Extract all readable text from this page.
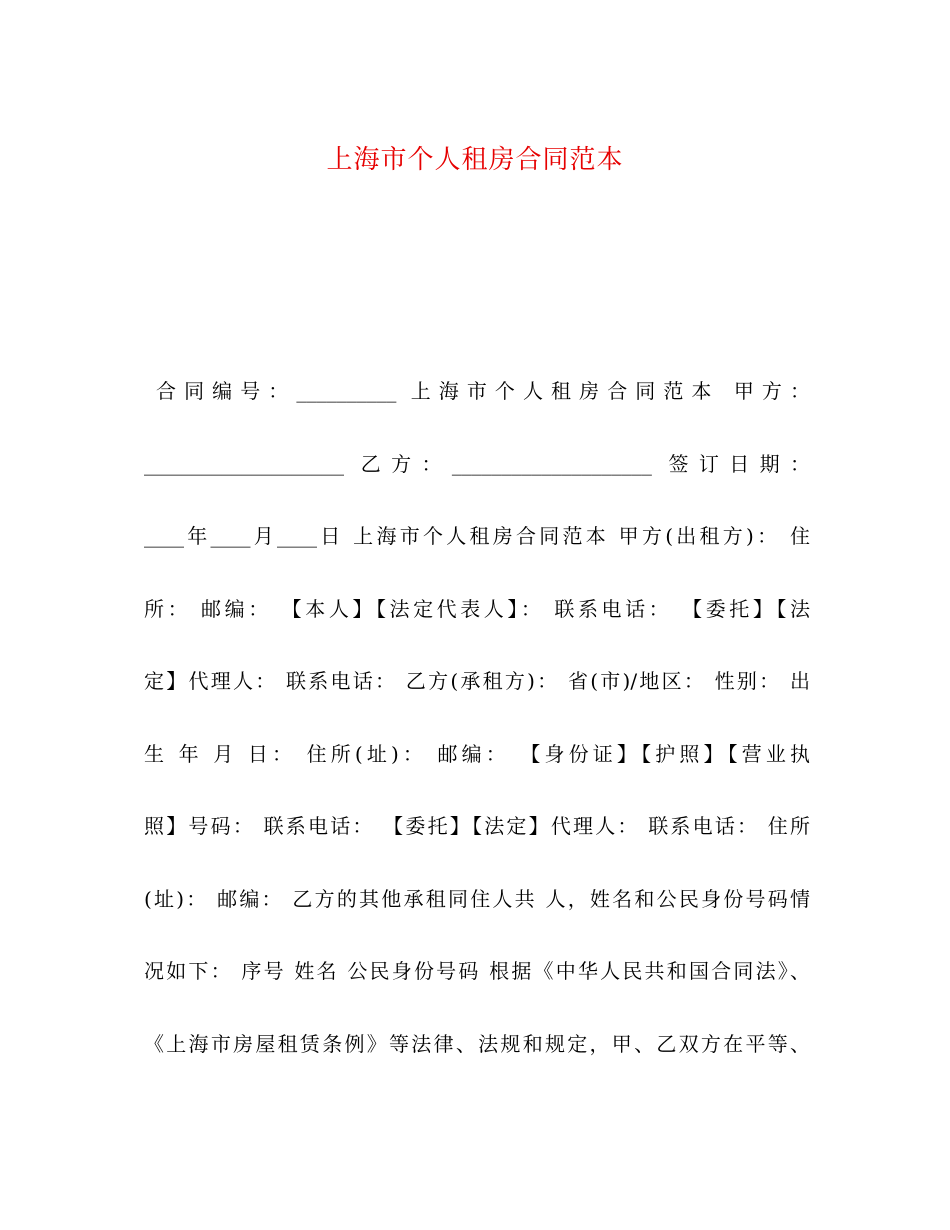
上海市个人租房合同范本
合同编号：__________ 上海市个人租房合同范本 甲方：
____________________ 乙方：____________________ 签订日期：
____年____月____日 上海市个人租房合同范本 甲方(出租方)： 住
所： 邮编： 【本人】【法定代表人】： 联系电话： 【委托】【法
定】代理人： 联系电话： 乙方(承租方)： 省(市)/地区： 性别： 出
生 年 月 日： 住所(址)： 邮编： 【身份证】【护照】【营业执
照】号码： 联系电话： 【委托】【法定】代理人： 联系电话： 住所
(址)： 邮编： 乙方的其他承租同住人共 人，姓名和公民身份号码情
况如下： 序号 姓名 公民身份号码 根据《中华人民共和国合同法》、
《上海市房屋租赁条例》等法律、法规和规定，甲、乙双方在平等、
